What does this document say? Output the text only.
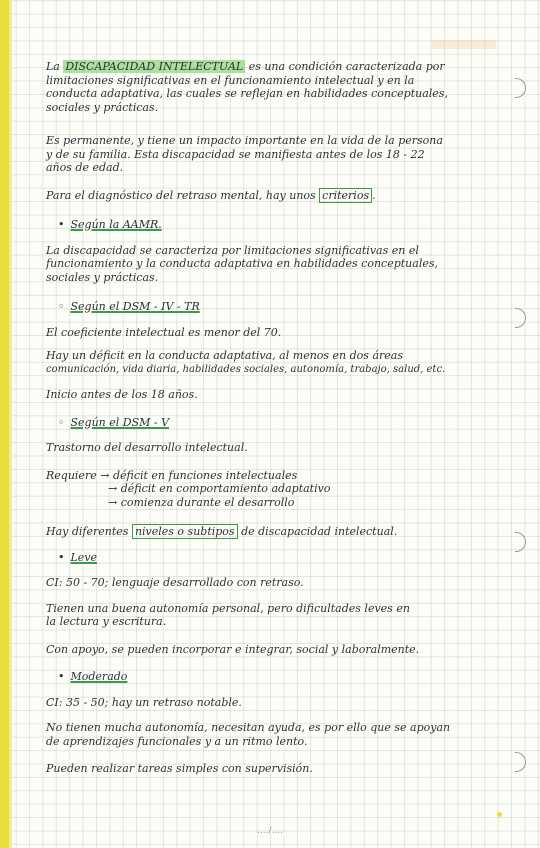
La DISCAPACIDAD INTELECTUAL es una condición caracterizada por
limitaciones significativas en el funcionamiento intelectual y en la
conducta adaptativa, las cuales se reflejan en habilidades conceptuales,
sociales y prácticas.
Es permanente, y tiene un impacto importante en la vida de la persona
y de su familia. Esta discapacidad se manifiesta antes de los 18 - 22
años de edad.
Para el diagnóstico del retraso mental, hay unos criterios .
• Según la AAMR.
La discapacidad se caracteriza por limitaciones significativas en el
funcionamiento y la conducta adaptativa en habilidades conceptuales,
sociales y prácticas.
◦ Según el DSM - IV - TR
El coeficiente intelectual es menor del 70.
Hay un déficit en la conducta adaptativa, al menos en dos áreas
comunicación, vida diaria, habilidades sociales, autonomía, trabajo, salud, etc.
Inicio antes de los 18 años.
◦ Según el DSM - V
Trastorno del desarrollo intelectual.
Requiere → déficit en funciones intelectuales
→ déficit en comportamiento adaptativo
→ comienza durante el desarrollo
Hay diferentes niveles o subtipos de discapacidad intelectual.
• Leve
CI: 50 - 70; lenguaje desarrollado con retraso.
Tienen una buena autonomía personal, pero dificultades leves en
la lectura y escritura.
Con apoyo, se pueden incorporar e integrar, social y laboralmente.
• Moderado
CI: 35 - 50; hay un retraso notable.
No tienen mucha autonomía, necesitan ayuda, es por ello que se apoyan
de aprendizajes funcionales y a un ritmo lento.
Pueden realizar tareas simples con supervisión.
..../....
